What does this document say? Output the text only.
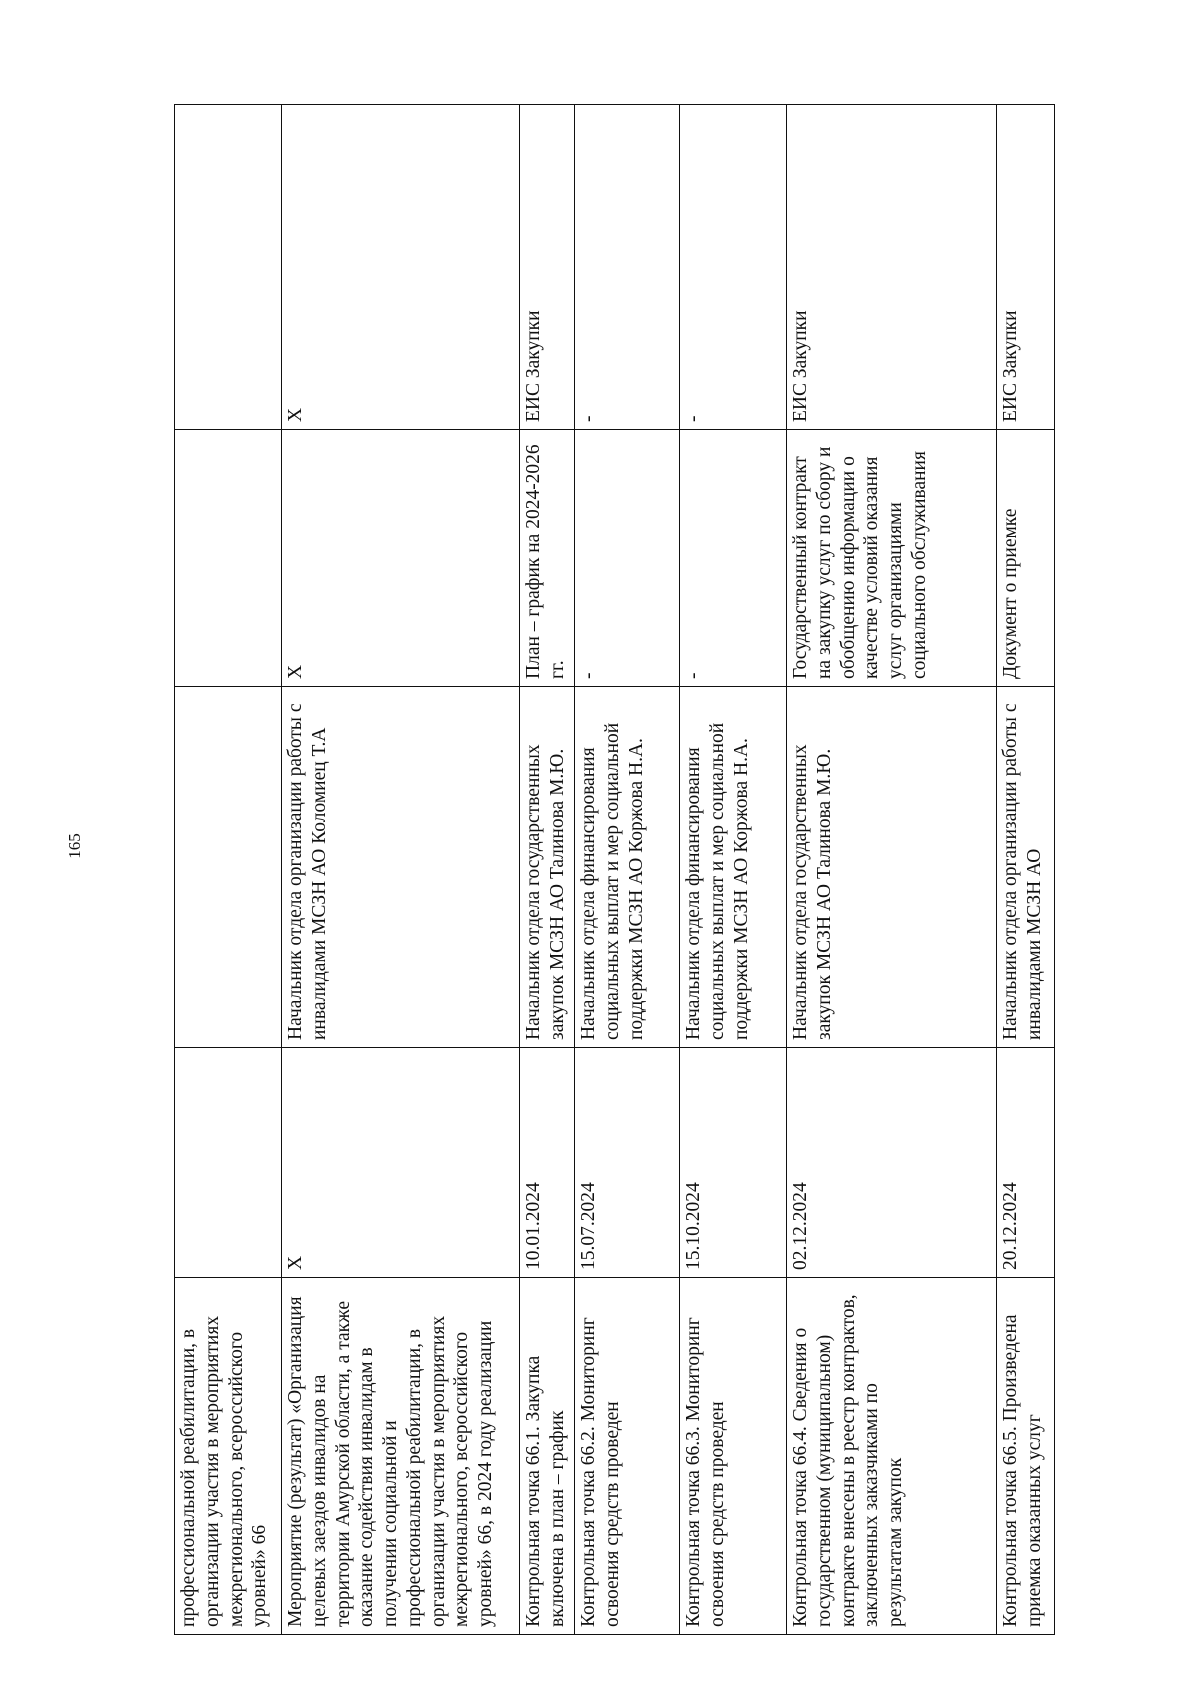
165
профессиональной реабилитации, в организации участия в мероприятиях межрегионального, всероссийского уровней» 66				
Мероприятие (результат) «Организация целевых заездов инвалидов на территории Амурской области, а также оказание содействия инвалидам в получении социальной и профессиональной реабилитации, в организации участия в мероприятиях межрегионального, всероссийского уровней» 66, в 2024 году реализации	X	Начальник отдела организации работы с инвалидами МСЗН АО Коломиец Т.А	X	X
Контрольная точка 66.1. Закупка включена в план – график	10.01.2024	Начальник отдела государственных закупок МСЗН АО Талинова М.Ю.	План – график на 2024-2026 гг.	ЕИС Закупки
Контрольная точка 66.2. Мониторинг освоения средств проведен	15.07.2024	Начальник отдела финансирования социальных выплат и мер социальной поддержки МСЗН АО Коржова Н.А.	-	-
Контрольная точка 66.3. Мониторинг освоения средств проведен	15.10.2024	Начальник отдела финансирования социальных выплат и мер социальной поддержки МСЗН АО Коржова Н.А.	-	-
Контрольная точка 66.4. Сведения о государственном (муниципальном) контракте внесены в реестр контрактов, заключенных заказчиками по результатам закупок	02.12.2024	Начальник отдела государственных закупок МСЗН АО Талинова М.Ю.	Государственный контракт на закупку услуг по сбору и обобщению информации о качестве условий оказания услуг организациями социального обслуживания	ЕИС Закупки
Контрольная точка 66.5. Произведена приемка оказанных услуг	20.12.2024	Начальник отдела организации работы с инвалидами МСЗН АО	Документ о приемке	ЕИС Закупки
